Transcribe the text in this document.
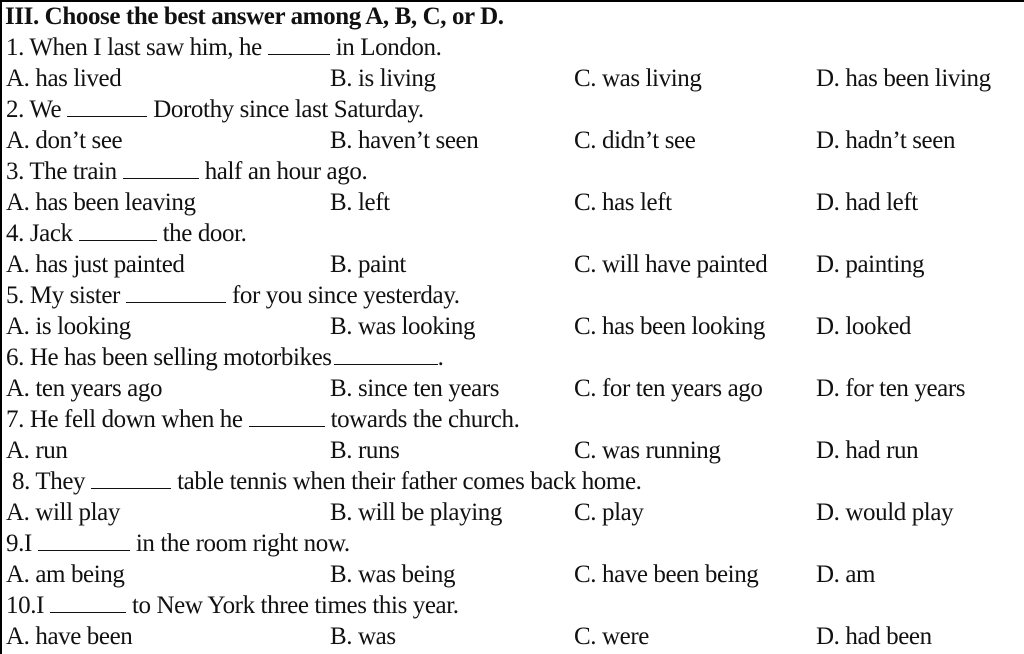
III. Choose the best answer among A, B, C, or D.
1. When I last saw him, he	in London.
A. has lived	B. is living	C. was living	D. has been living
2. We	Dorothy since last Saturday.
A. don’t see	B. haven’t seen	C. didn’t see	D. hadn’t seen
3. The train	half an hour ago.
A. has been leaving	B. left	C. has left	D. had left
4. Jack	the door.
A. has just painted	B. paint	C. will have painted D. painting
5. My sister	for you since yesterday.
A. is looking	B. was looking	C. has been looking D. looked
6. He has been selling motorbikes	.
A. ten years ago	B. since ten years	C. for ten years ago D. for ten years
7. He fell down when he	towards the church.
A. run	B. runs	C. was running	D. had run
8. They	table tennis when their father comes back home.
A. will play	B. will be playing	C. play	D. would play
9.I	in the room right now.
A. am being	B. was being	C. have been being D. am
10.I	to New York three times this year.
A. have been	B. was	C. were	D. had been
